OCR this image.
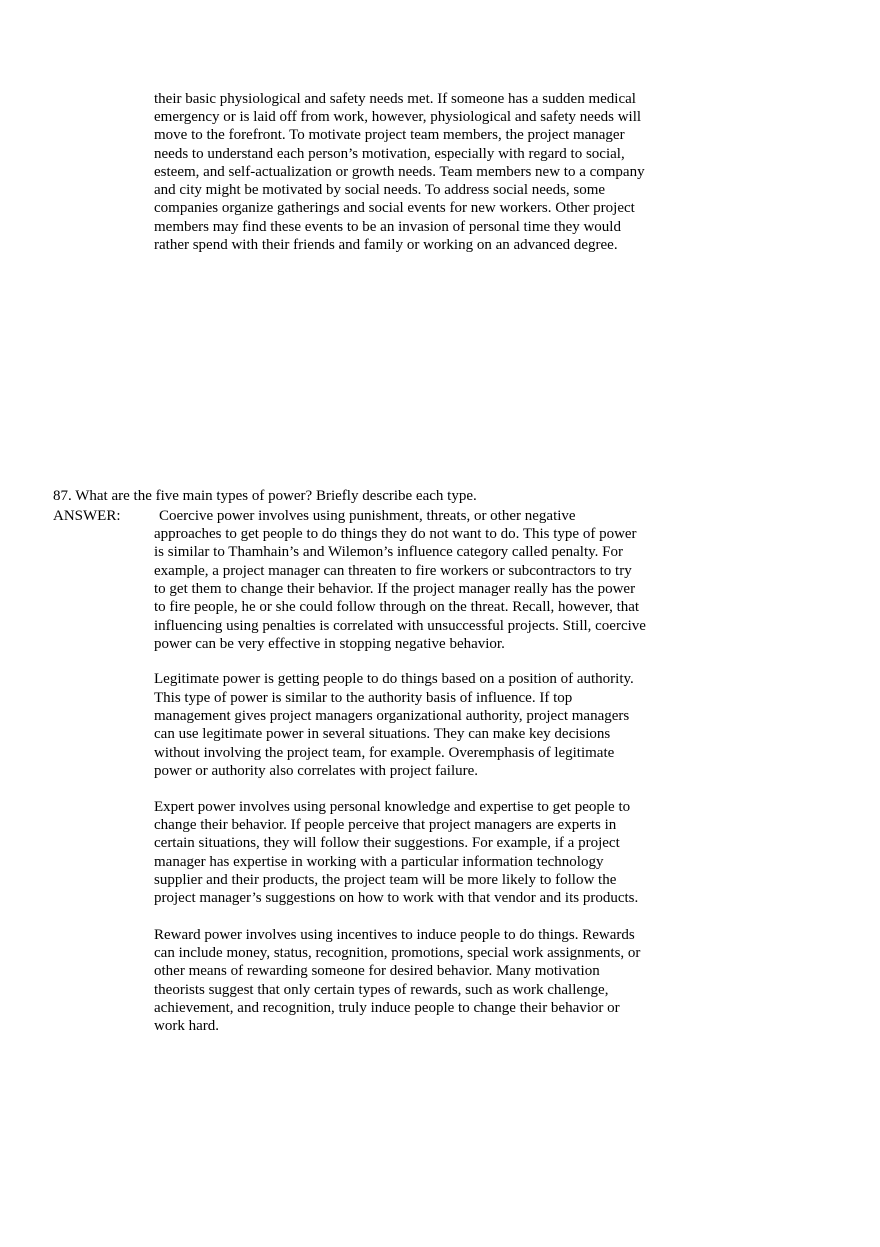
their basic physiological and safety needs met. If someone has a sudden medical

emergency or is laid off from work, however, physiological and safety needs will

move to the forefront. To motivate project team members, the project manager

needs to understand each person’s motivation, especially with regard to social,

esteem, and self-actualization or growth needs. Team members new to a company

and city might be motivated by social needs. To address social needs, some

companies organize gatherings and social events for new workers. Other project

members may find these events to be an invasion of personal time they would

rather spend with their friends and family or working on an advanced degree.

87. What are the five main types of power? Briefly describe each type.

ANSWER:	Coercive power involves using punishment, threats, or other negative

approaches to get people to do things they do not want to do. This type of power

is similar to Thamhain’s and Wilemon’s influence category called penalty. For

example, a project manager can threaten to fire workers or subcontractors to try

to get them to change their behavior. If the project manager really has the power

to fire people, he or she could follow through on the threat. Recall, however, that

influencing using penalties is correlated with unsuccessful projects. Still, coercive

power can be very effective in stopping negative behavior.

Legitimate power is getting people to do things based on a position of authority.

This type of power is similar to the authority basis of influence. If top

management gives project managers organizational authority, project managers

can use legitimate power in several situations. They can make key decisions

without involving the project team, for example. Overemphasis of legitimate

power or authority also correlates with project failure.

Expert power involves using personal knowledge and expertise to get people to

change their behavior. If people perceive that project managers are experts in

certain situations, they will follow their suggestions. For example, if a project

manager has expertise in working with a particular information technology

supplier and their products, the project team will be more likely to follow the

project manager’s suggestions on how to work with that vendor and its products.

Reward power involves using incentives to induce people to do things. Rewards

can include money, status, recognition, promotions, special work assignments, or

other means of rewarding someone for desired behavior. Many motivation

theorists suggest that only certain types of rewards, such as work challenge,

achievement, and recognition, truly induce people to change their behavior or

work hard.
